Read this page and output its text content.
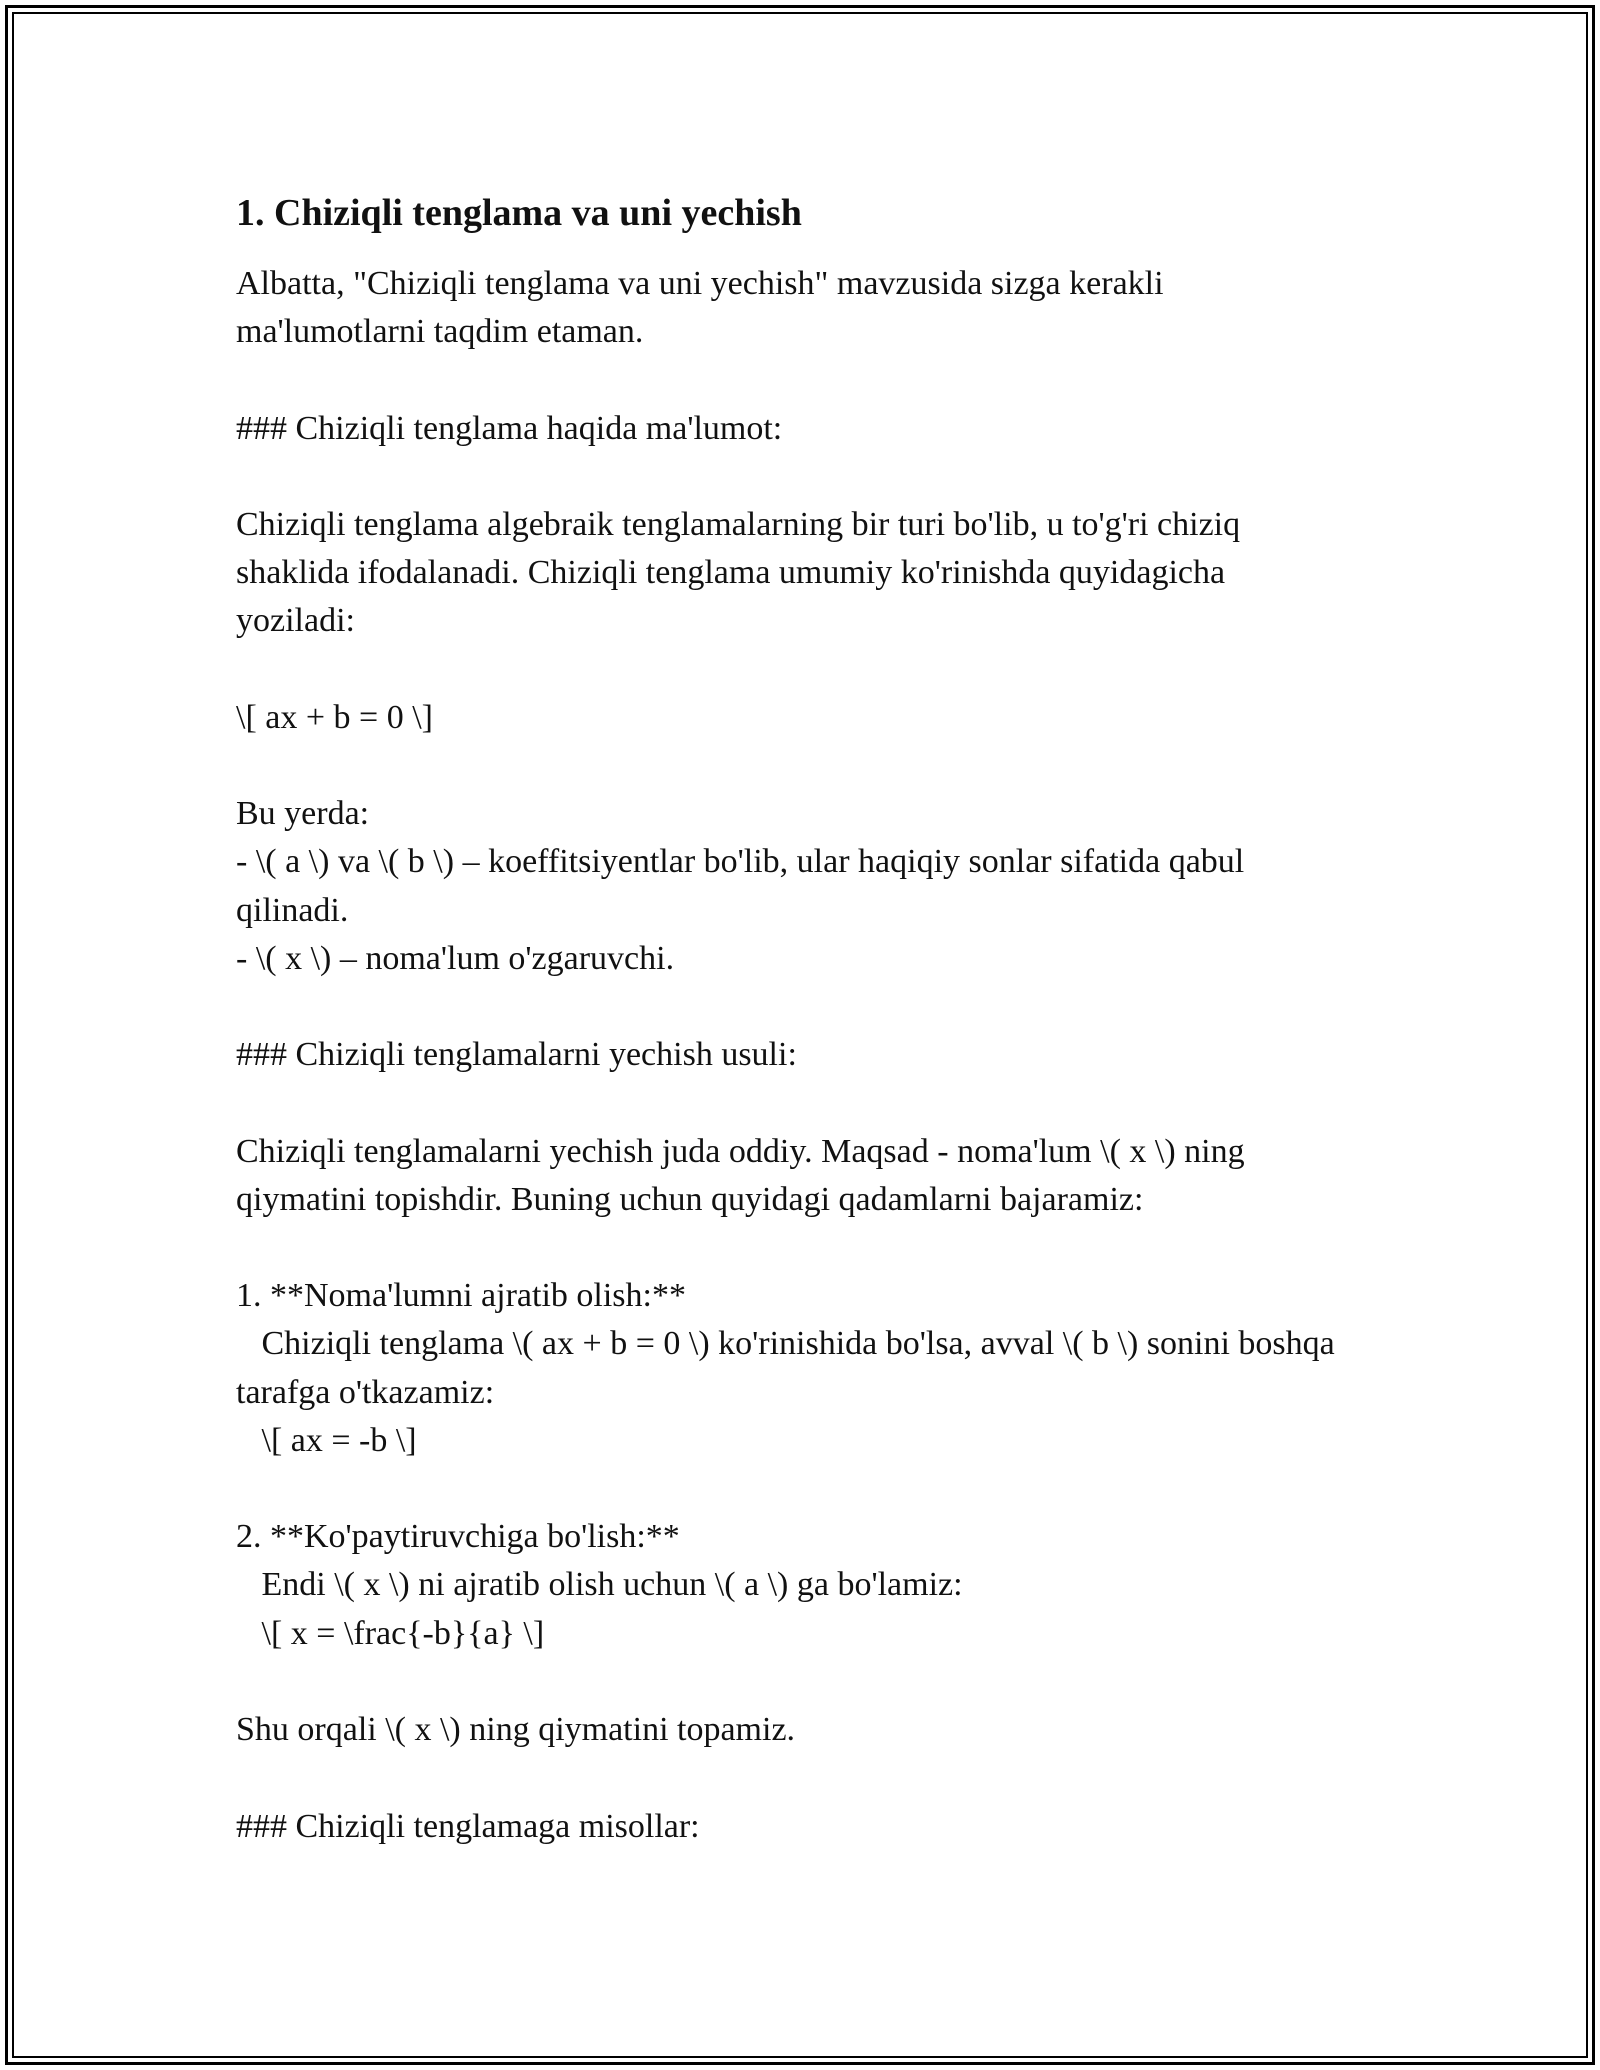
1. Chiziqli tenglama va uni yechish
Albatta, "Chiziqli tenglama va uni yechish" mavzusida sizga kerakli ma'lumotlarni taqdim etaman.

### Chiziqli tenglama haqida ma'lumot:

Chiziqli tenglama algebraik tenglamalarning bir turi bo'lib, u to'g'ri chiziq shaklida ifodalanadi. Chiziqli tenglama umumiy ko'rinishda quyidagicha yoziladi:

\[ ax + b = 0 \]

Bu yerda:
- \( a \) va \( b \) – koeffitsiyentlar bo'lib, ular haqiqiy sonlar sifatida qabul qilinadi.
- \( x \) – noma'lum o'zgaruvchi.

### Chiziqli tenglamalarni yechish usuli:

Chiziqli tenglamalarni yechish juda oddiy. Maqsad - noma'lum \( x \) ning qiymatini topishdir. Buning uchun quyidagi qadamlarni bajaramiz:

1. **Noma'lumni ajratib olish:**
Chiziqli tenglama \( ax + b = 0 \) ko'rinishida bo'lsa, avval \( b \) sonini boshqa tarafga o'tkazamiz:
\[ ax = -b \]

2. **Ko'paytiruvchiga bo'lish:**
Endi \( x \) ni ajratib olish uchun \( a \) ga bo'lamiz:
\[ x = \frac{-b}{a} \]

Shu orqali \( x \) ning qiymatini topamiz.

### Chiziqli tenglamaga misollar:
